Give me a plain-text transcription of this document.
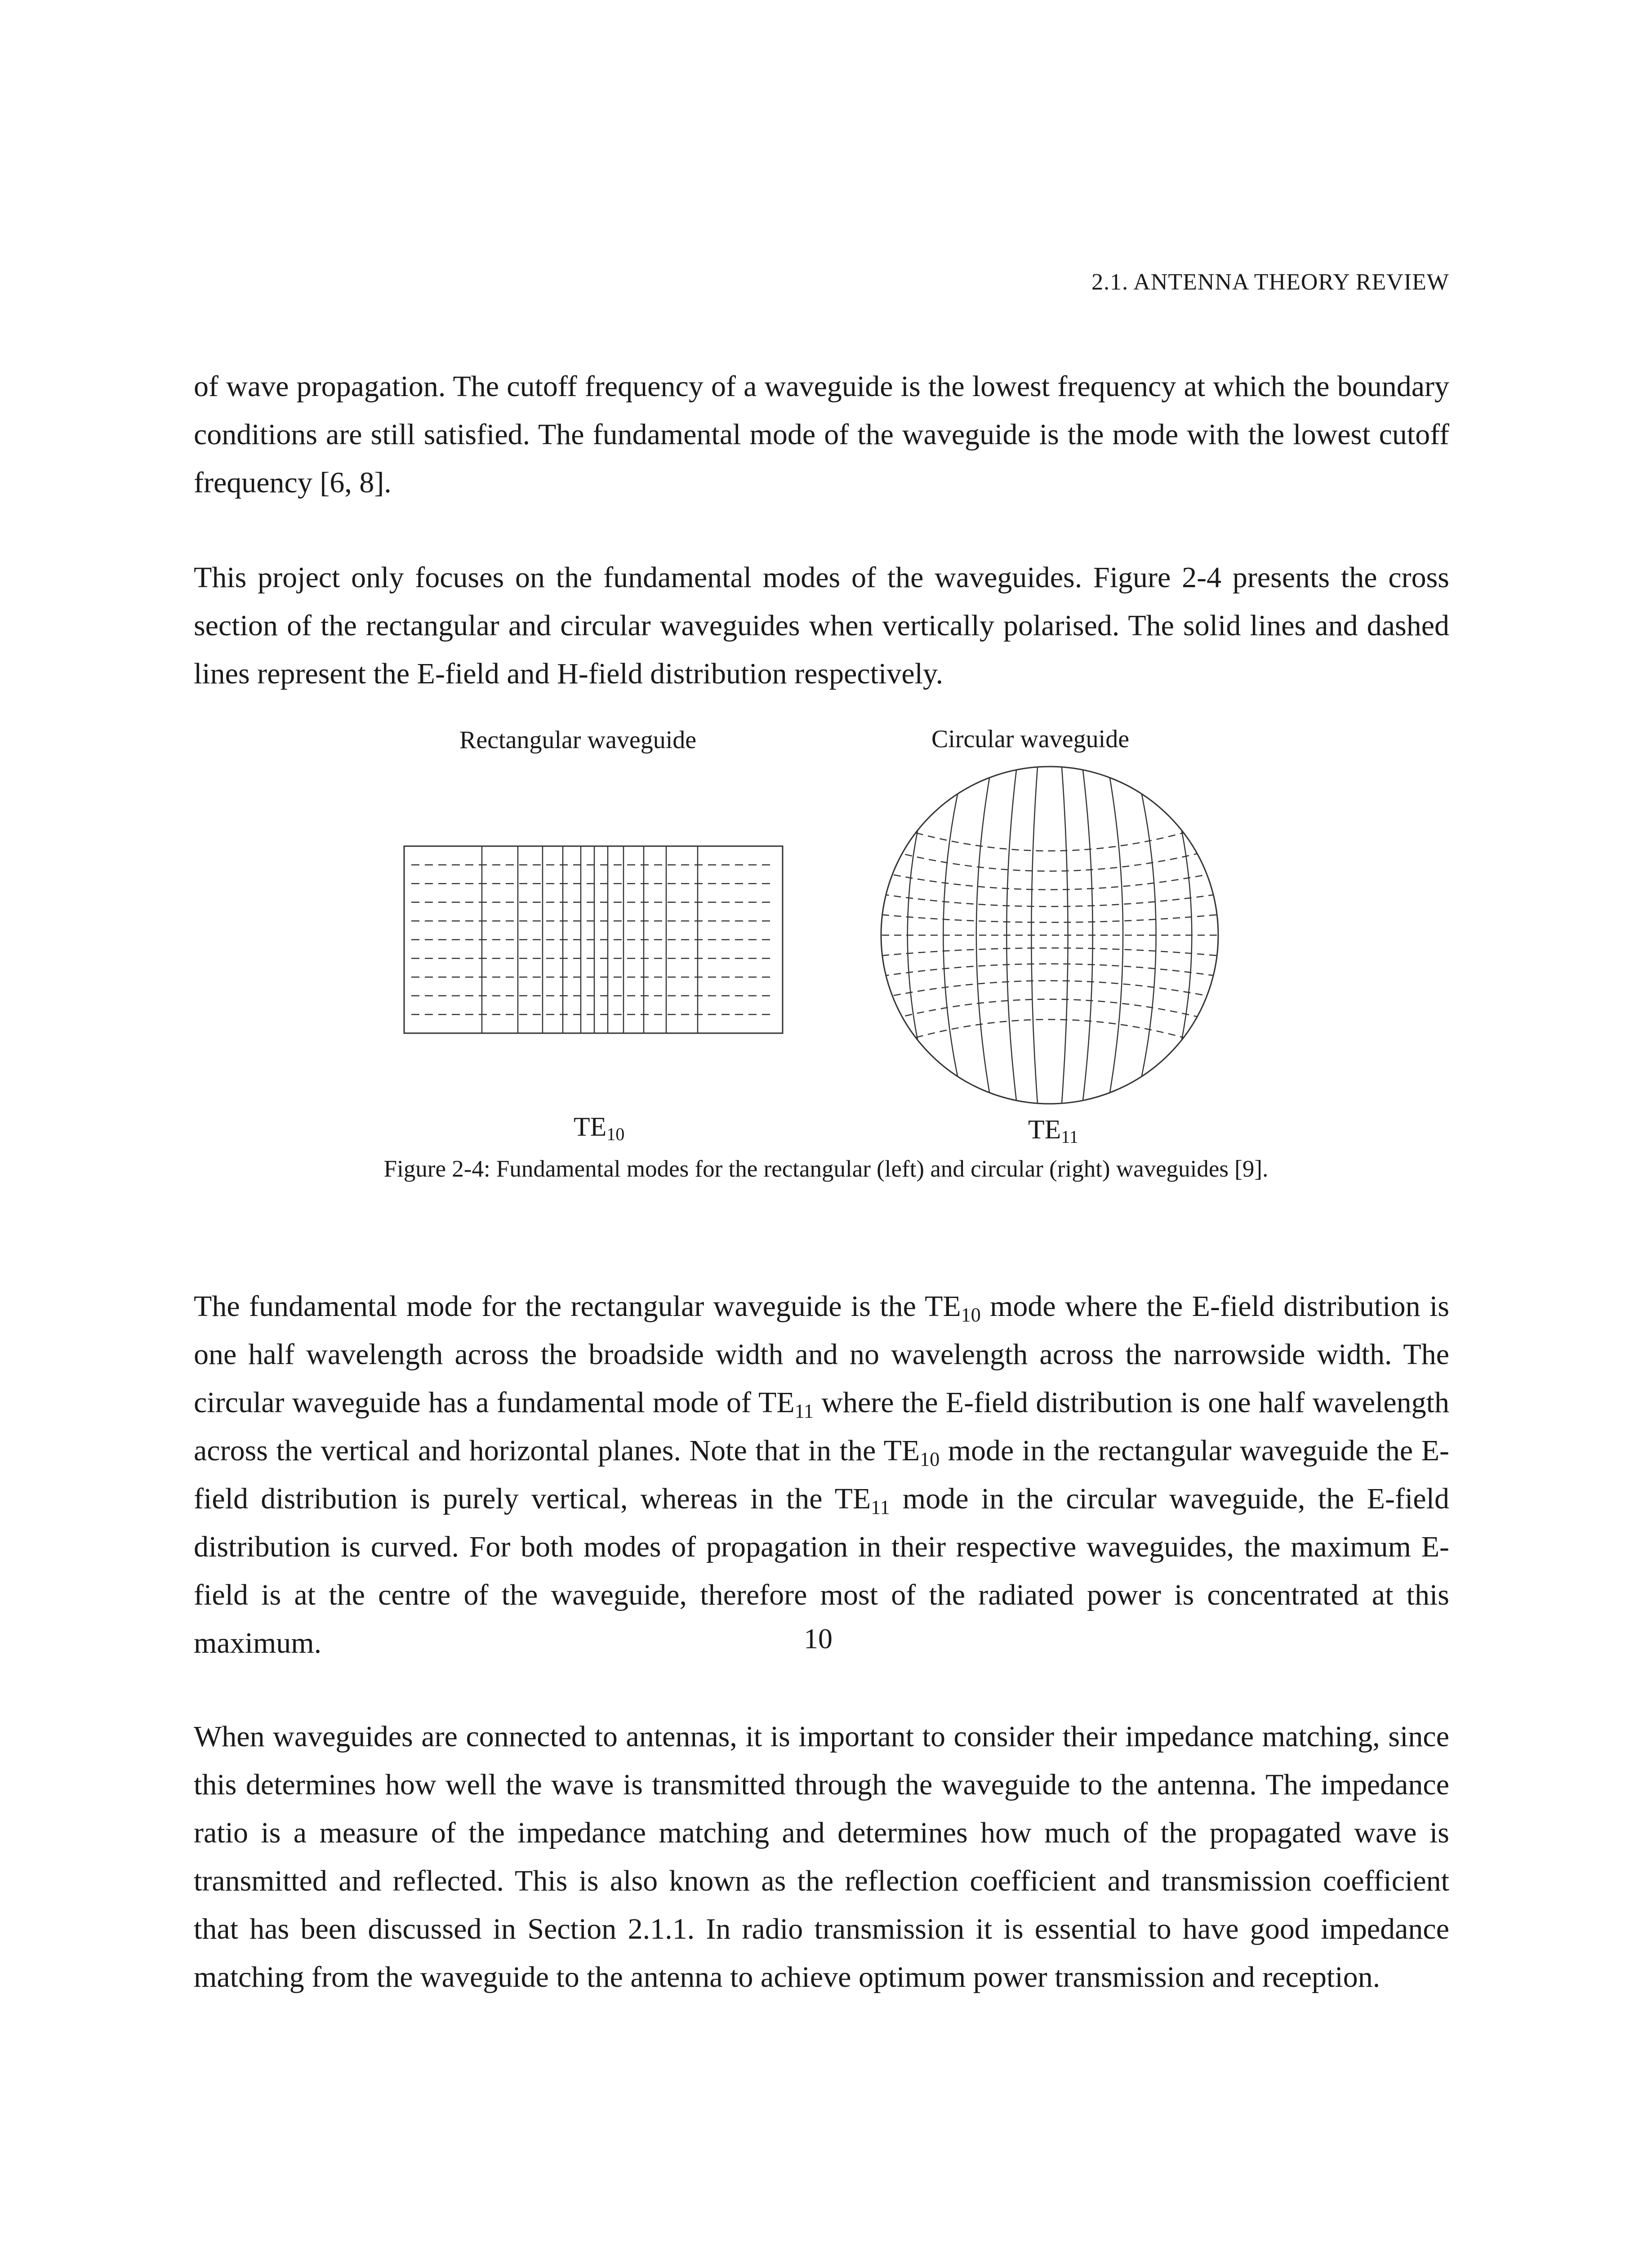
2.1. ANTENNA THEORY REVIEW

of wave propagation. The cutoff frequency of a waveguide is the lowest frequency at which the boundary conditions are still satisfied. The fundamental mode of the waveguide is the mode with the lowest cutoff frequency [6, 8].

This project only focuses on the fundamental modes of the waveguides. Figure 2-4 presents the cross section of the rectangular and circular waveguides when vertically polarised. The solid lines and dashed lines represent the E-field and H-field distribution respectively.

Rectangular waveguide	Circular waveguide
$TE_{10}$	$TE_{11}$
Figure 2-4: Fundamental modes for the rectangular (left) and circular (right) waveguides [9].

The fundamental mode for the rectangular waveguide is the $TE_{10}$ mode where the E-field distribution is one half wavelength across the broadside width and no wavelength across the narrowside width. The circular waveguide has a fundamental mode of $TE_{11}$ where the E-field distribution is one half wavelength across the vertical and horizontal planes. Note that in the $TE_{10}$ mode in the rectangular waveguide the E-field distribution is purely vertical, whereas in the $TE_{11}$ mode in the circular waveguide, the E-field distribution is curved. For both modes of propagation in their respective waveguides, the maximum E-field is at the centre of the waveguide, therefore most of the radiated power is concentrated at this maximum.

When waveguides are connected to antennas, it is important to consider their impedance matching, since this determines how well the wave is transmitted through the waveguide to the antenna. The impedance ratio is a measure of the impedance matching and determines how much of the propagated wave is transmitted and reflected. This is also known as the reflection coefficient and transmission coefficient that has been discussed in Section 2.1.1. In radio transmission it is essential to have good impedance matching from the waveguide to the antenna to achieve optimum power transmission and reception.

10
